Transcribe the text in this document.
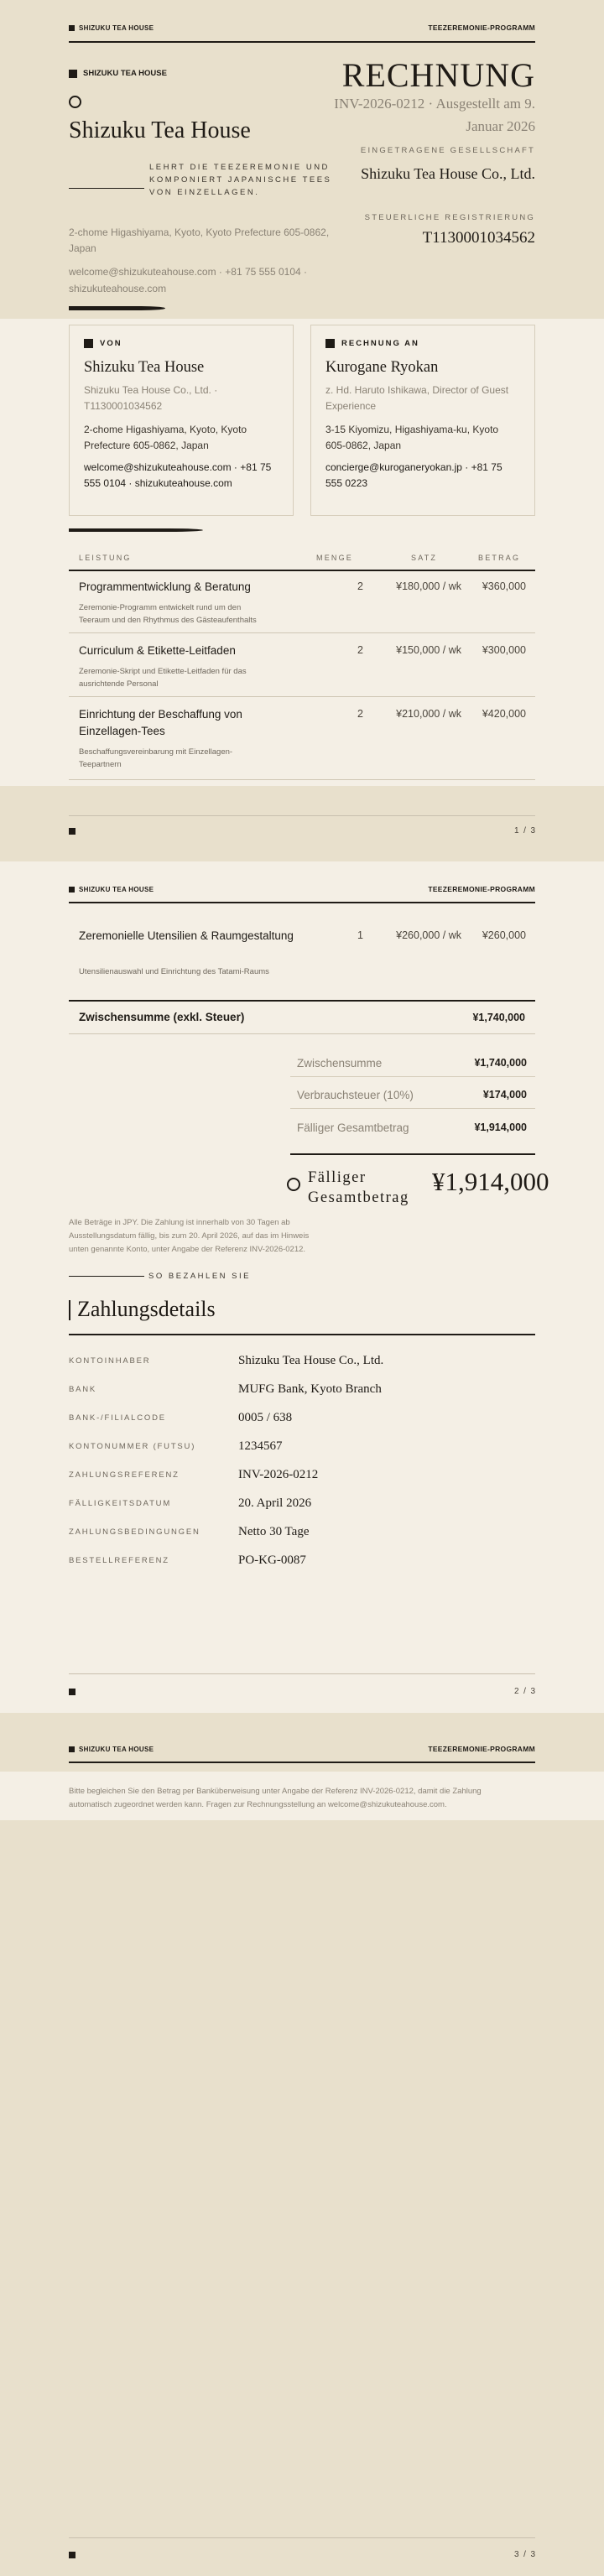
SHIZUKU TEA HOUSE	TEEZEREMONIE-PROGRAMM
SHIZUKU TEA HOUSE
Shizuku Tea House
LEHRT DIE TEEZEREMONIE UND KOMPONIERT JAPANISCHE TEES VON EINZELLAGEN.
2-chome Higashiyama, Kyoto, Kyoto Prefecture 605-0862, Japan
welcome@shizukuteahouse.com · +81 75 555 0104 · shizukuteahouse.com
RECHNUNG
INV-2026-0212 · Ausgestellt am 9. Januar 2026
EINGETRAGENE GESELLSCHAFT
Shizuku Tea House Co., Ltd.
STEUERLICHE REGISTRIERUNG
T1130001034562
VON
Shizuku Tea House
Shizuku Tea House Co., Ltd. · T1130001034562
2-chome Higashiyama, Kyoto, Kyoto Prefecture 605-0862, Japan
welcome@shizukuteahouse.com · +81 75 555 0104 · shizukuteahouse.com
RECHNUNG AN
Kurogane Ryokan
z. Hd. Haruto Ishikawa, Director of Guest Experience
3-15 Kiyomizu, Higashiyama-ku, Kyoto 605-0862, Japan
concierge@kuroganeryokan.jp · +81 75 555 0223
LEISTUNG	MENGE	SATZ	BETRAG
Programmentwicklung & Beratung
Zeremonie-Programm entwickelt rund um den Teeraum und den Rhythmus des Gästeaufenthalts
2	¥180,000 / wk	¥360,000
Curriculum & Etikette-Leitfaden
Zeremonie-Skript und Etikette-Leitfaden für das ausrichtende Personal
2	¥150,000 / wk	¥300,000
Einrichtung der Beschaffung von Einzellagen-Tees
Beschaffungsvereinbarung mit Einzellagen-Teepartnern
2	¥210,000 / wk	¥420,000
1  /  3
SHIZUKU TEA HOUSE	TEEZEREMONIE-PROGRAMM
Zeremonielle Utensilien & Raumgestaltung
Utensilienauswahl und Einrichtung des Tatami-Raums
1	¥260,000 / wk	¥260,000
Zwischensumme (exkl. Steuer)	¥1,740,000
Zwischensumme	¥1,740,000
Verbrauchsteuer (10%)	¥174,000
Fälliger Gesamtbetrag	¥1,914,000
Fälliger Gesamtbetrag
¥1,914,000
Alle Beträge in JPY. Die Zahlung ist innerhalb von 30 Tagen ab Ausstellungsdatum fällig, bis zum 20. April 2026, auf das im Hinweis unten genannte Konto, unter Angabe der Referenz INV-2026-0212.
SO BEZAHLEN SIE
Zahlungsdetails
KONTOINHABER	Shizuku Tea House Co., Ltd.
BANK	MUFG Bank, Kyoto Branch
BANK-/FILIALCODE	0005 / 638
KONTONUMMER (FUTSU)	1234567
ZAHLUNGSREFERENZ	INV-2026-0212
FÄLLIGKEITSDATUM	20. April 2026
ZAHLUNGSBEDINGUNGEN	Netto 30 Tage
BESTELLREFERENZ	PO-KG-0087
2  /  3
SHIZUKU TEA HOUSE	TEEZEREMONIE-PROGRAMM
Bitte begleichen Sie den Betrag per Banküberweisung unter Angabe der Referenz INV-2026-0212, damit die Zahlung automatisch zugeordnet werden kann. Fragen zur Rechnungsstellung an welcome@shizukuteahouse.com.
3  /  3
